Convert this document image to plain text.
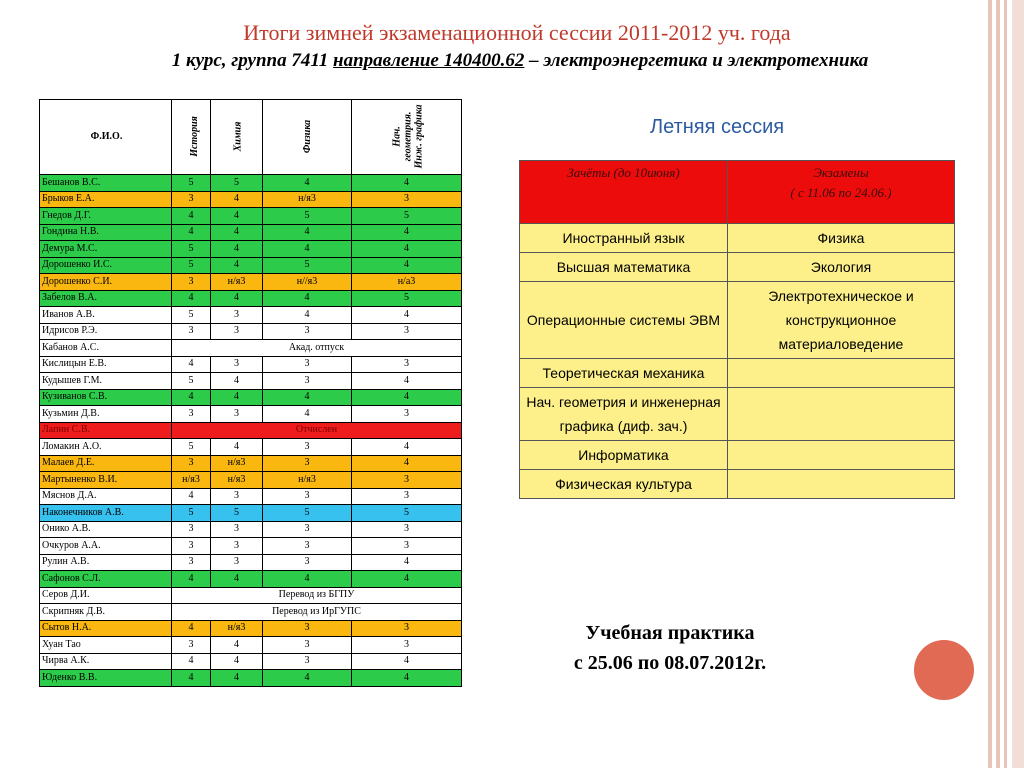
Итоги зимней экзаменационной сессии 2011-2012 уч. года
1 курс, группа 7411 направление 140400.62 – электроэнергетика и электротехника
Ф.И.О.	История	Химия	Физика	Нач. геометрия. Инж. графика
Бешанов В.С.	5	5	4	4
Брыков Е.А.	3	4	н/я3	3
Гнедов Д.Г.	4	4	5	5
Гондина Н.В.	4	4	4	4
Демура М.С.	5	4	4	4
Дорошенко И.С.	5	4	5	4
Дорошенко С.И.	3	н/я3	н//я3	н/а3
Забелов В.А.	4	4	4	5
Иванов А.В.	5	3	4	4
Идрисов Р.Э.	3	3	3	3
Кабанов А.С.	Акад. отпуск			
Кислицын Е.В.	4	3	3	3
Кудышев Г.М.	5	4	3	4
Кузиванов С.В.	4	4	4	4
Кузьмин Д.В.	3	3	4	3
Лапин С.В.	Отчислен			
Ломакин А.О.	5	4	3	4
Малаев Д.Е.	3	н/я3	3	4
Мартыненко В.И.	н/я3	н/я3	н/я3	3
Мяснов Д.А.	4	3	3	3
Наконечников А.В.	5	5	5	5
Онико А.В.	3	3	3	3
Очкуров А.А.	3	3	3	3
Рулин А.В.	3	3	3	4
Сафонов С.Л.	4	4	4	4
Серов Д.И.	Перевод из БГПУ			
Скрипняк Д.В.	Перевод из ИрГУПС			
Сытов Н.А.	4	н/я3	3	3
Хуан Тао	3	4	3	3
Чирва А.К.	4	4	3	4
Юденко В.В.	4	4	4	4
Летняя сессия
Зачёты (до 10июня)	Экзамены
( с 11.06 по 24.06.)
Иностранный язык	Физика
Высшая математика	Экология
Операционные системы ЭВМ	Электротехническое и конструкционное материаловедение
Теоретическая механика	
Нач. геометрия и инженерная графика (диф. зач.)	
Информатика	
Физическая культура	
Учебная практика
с 25.06 по 08.07.2012г.
